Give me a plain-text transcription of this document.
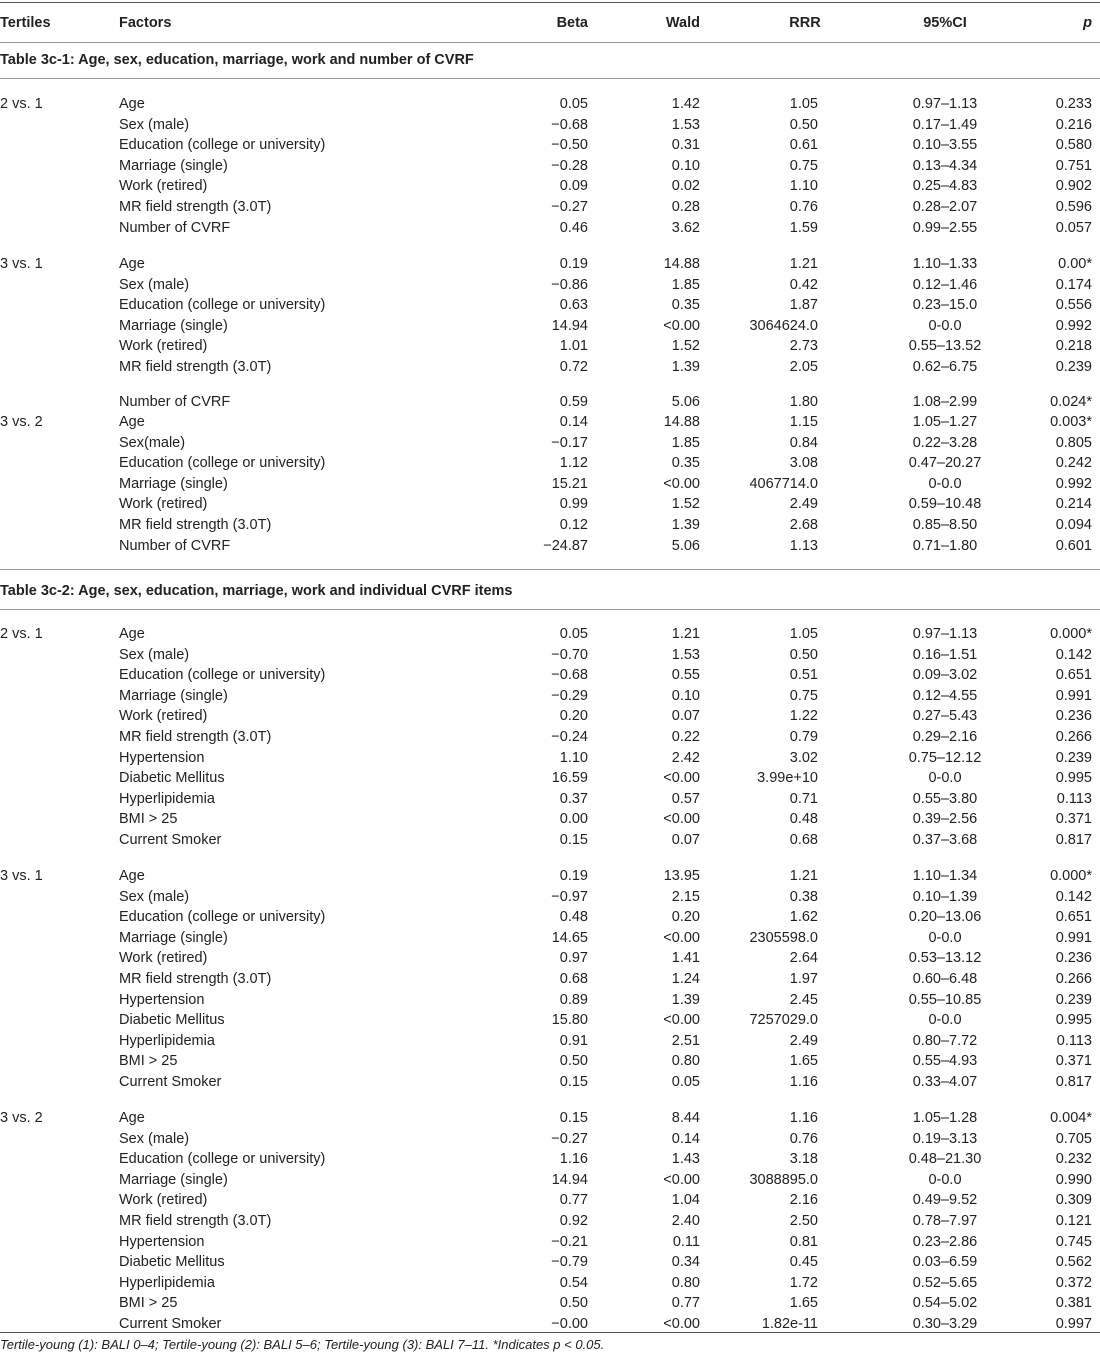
Tertiles	Factors	Beta	Wald	RRR	95%CI	p
Table 3c-1: Age, sex, education, marriage, work and number of CVRF
2 vs. 1	Age	0.05	1.42	1.05	0.97–1.13	0.233
Sex (male)	−0.68	1.53	0.50	0.17–1.49	0.216
Education (college or university)	−0.50	0.31	0.61	0.10–3.55	0.580
Marriage (single)	−0.28	0.10	0.75	0.13–4.34	0.751
Work (retired)	0.09	0.02	1.10	0.25–4.83	0.902
MR field strength (3.0T)	−0.27	0.28	0.76	0.28–2.07	0.596
Number of CVRF	0.46	3.62	1.59	0.99–2.55	0.057
3 vs. 1	Age	0.19	14.88	1.21	1.10–1.33	0.00*
Sex (male)	−0.86	1.85	0.42	0.12–1.46	0.174
Education (college or university)	0.63	0.35	1.87	0.23–15.0	0.556
Marriage (single)	14.94	<0.00	3064624.0	0-0.0	0.992
Work (retired)	1.01	1.52	2.73	0.55–13.52	0.218
MR field strength (3.0T)	0.72	1.39	2.05	0.62–6.75	0.239
Number of CVRF	0.59	5.06	1.80	1.08–2.99	0.024*
3 vs. 2	Age	0.14	14.88	1.15	1.05–1.27	0.003*
Sex(male)	−0.17	1.85	0.84	0.22–3.28	0.805
Education (college or university)	1.12	0.35	3.08	0.47–20.27	0.242
Marriage (single)	15.21	<0.00	4067714.0	0-0.0	0.992
Work (retired)	0.99	1.52	2.49	0.59–10.48	0.214
MR field strength (3.0T)	0.12	1.39	2.68	0.85–8.50	0.094
Number of CVRF	−24.87	5.06	1.13	0.71–1.80	0.601
Table 3c-2: Age, sex, education, marriage, work and individual CVRF items
2 vs. 1	Age	0.05	1.21	1.05	0.97–1.13	0.000*
Sex (male)	−0.70	1.53	0.50	0.16–1.51	0.142
Education (college or university)	−0.68	0.55	0.51	0.09–3.02	0.651
Marriage (single)	−0.29	0.10	0.75	0.12–4.55	0.991
Work (retired)	0.20	0.07	1.22	0.27–5.43	0.236
MR field strength (3.0T)	−0.24	0.22	0.79	0.29–2.16	0.266
Hypertension	1.10	2.42	3.02	0.75–12.12	0.239
Diabetic Mellitus	16.59	<0.00	3.99e+10	0-0.0	0.995
Hyperlipidemia	0.37	0.57	0.71	0.55–3.80	0.113
BMI > 25	0.00	<0.00	0.48	0.39–2.56	0.371
Current Smoker	0.15	0.07	0.68	0.37–3.68	0.817
3 vs. 1	Age	0.19	13.95	1.21	1.10–1.34	0.000*
Sex (male)	−0.97	2.15	0.38	0.10–1.39	0.142
Education (college or university)	0.48	0.20	1.62	0.20–13.06	0.651
Marriage (single)	14.65	<0.00	2305598.0	0-0.0	0.991
Work (retired)	0.97	1.41	2.64	0.53–13.12	0.236
MR field strength (3.0T)	0.68	1.24	1.97	0.60–6.48	0.266
Hypertension	0.89	1.39	2.45	0.55–10.85	0.239
Diabetic Mellitus	15.80	<0.00	7257029.0	0-0.0	0.995
Hyperlipidemia	0.91	2.51	2.49	0.80–7.72	0.113
BMI > 25	0.50	0.80	1.65	0.55–4.93	0.371
Current Smoker	0.15	0.05	1.16	0.33–4.07	0.817
3 vs. 2	Age	0.15	8.44	1.16	1.05–1.28	0.004*
Sex (male)	−0.27	0.14	0.76	0.19–3.13	0.705
Education (college or university)	1.16	1.43	3.18	0.48–21.30	0.232
Marriage (single)	14.94	<0.00	3088895.0	0-0.0	0.990
Work (retired)	0.77	1.04	2.16	0.49–9.52	0.309
MR field strength (3.0T)	0.92	2.40	2.50	0.78–7.97	0.121
Hypertension	−0.21	0.11	0.81	0.23–2.86	0.745
Diabetic Mellitus	−0.79	0.34	0.45	0.03–6.59	0.562
Hyperlipidemia	0.54	0.80	1.72	0.52–5.65	0.372
BMI > 25	0.50	0.77	1.65	0.54–5.02	0.381
Current Smoker	−0.00	<0.00	1.82e-11	0.30–3.29	0.997
Tertile-young (1): BALI 0–4; Tertile-young (2): BALI 5–6; Tertile-young (3): BALI 7–11. *Indicates p < 0.05.
